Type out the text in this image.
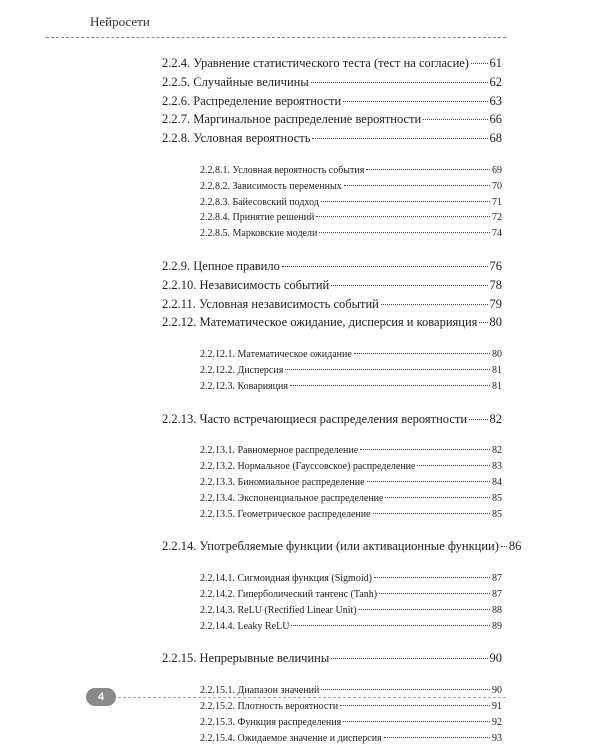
Нейросети
2.2.4. Уравнение статистического теста (тест на согласие) 61
2.2.5. Случайные величины	62
2.2.6. Распределение вероятности	63
2.2.7. Маргинальное распределение вероятности	66
2.2.8. Условная вероятность	68
2.2.8.1. Условная вероятность события	69
2.2.8.2. Зависимость переменных	70
2.2.8.3. Байесовский подход	71
2.2.8.4. Принятие решений	72
2.2.8.5. Марковские модели	74
2.2.9. Цепное правило	76
2.2.10. Независимость событий	78
2.2.11. Условная независимость событий	79
2.2.12. Математическое ожидание, дисперсия и коварияция 80
2.2.12.1. Математическое ожидание	80
2.2.12.2. Дисперсия	81
2.2.12.3. Коварияция	81
2.2.13. Часто встречающиеся распределения вероятности 82
2.2.13.1. Равномерное распределение	82
2.2.13.2. Нормальное (Гауссовское) распределение	83
2.2.13.3. Биномиальное распределение	84
2.2.13.4. Экспоненциальное распределение	85
2.2.13.5. Геометрическое распределение	85
2.2.14. Употребляемые функции (или активационные функции) 86
2.2.14.1. Сигмоидная функция (Sigmoid)	87
2.2.14.2. Гиперболический тангенс (Tanh)	87
2.2.14.3. ReLU (Rectified Linear Unit)	88
2.2.14.4. Leaky ReLU	89
2.2.15. Непрерывные величины	90
2.2.15.1. Диапазон значений	90
2.2.15.2. Плотность вероятности	91
2.2.15.3. Функция распределения	92
2.2.15.4. Ожидаемое значение и дисперсия	93
4
